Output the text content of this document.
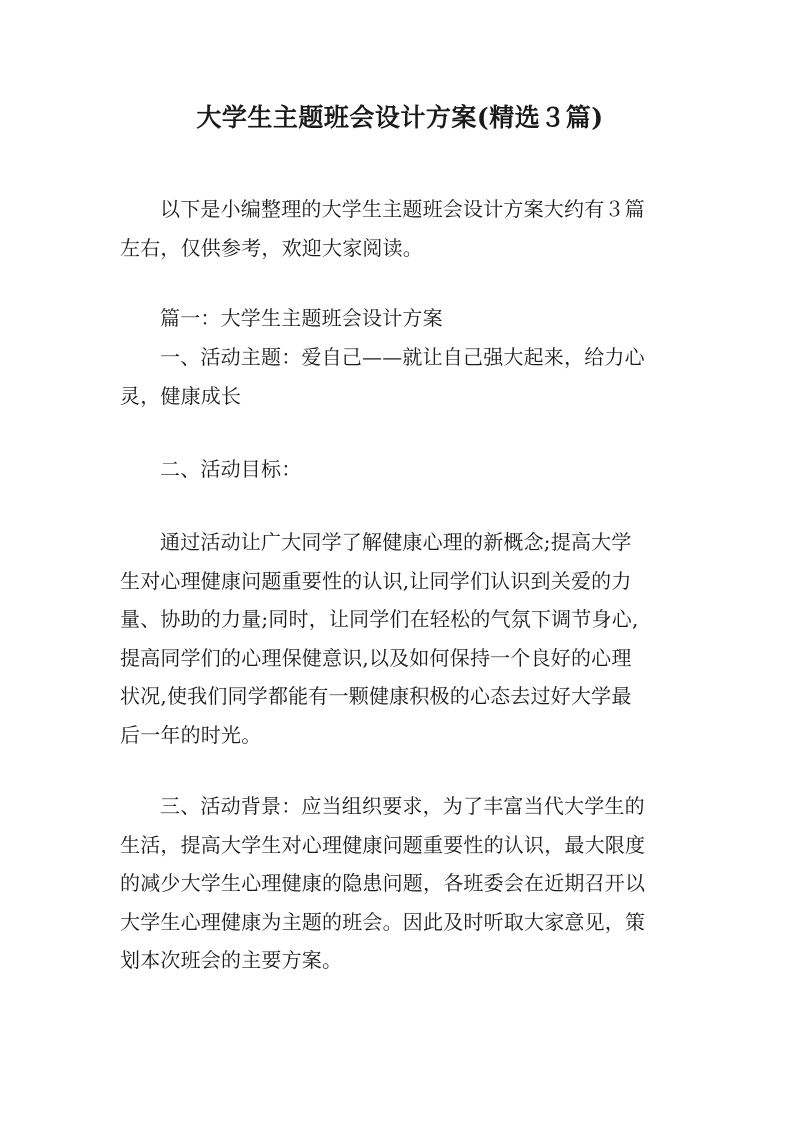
大学生主题班会设计方案(精选３篇)
以下是小编整理的大学生主题班会设计方案大约有３篇
左右，仅供参考，欢迎大家阅读。
篇一：大学生主题班会设计方案
一、活动主题：爱自己——就让自己强大起来，给力心
灵，健康成长
二、活动目标：
通过活动让广大同学了解健康心理的新概念;提高大学
生对心理健康问题重要性的认识,让同学们认识到关爱的力
量、协助的力量;同时，让同学们在轻松的气氛下调节身心,
提高同学们的心理保健意识,以及如何保持一个良好的心理
状况,使我们同学都能有一颗健康积极的心态去过好大学最
后一年的时光。
三、活动背景：应当组织要求，为了丰富当代大学生的
生活，提高大学生对心理健康问题重要性的认识，最大限度
的减少大学生心理健康的隐患问题，各班委会在近期召开以
大学生心理健康为主题的班会。因此及时听取大家意见，策
划本次班会的主要方案。
